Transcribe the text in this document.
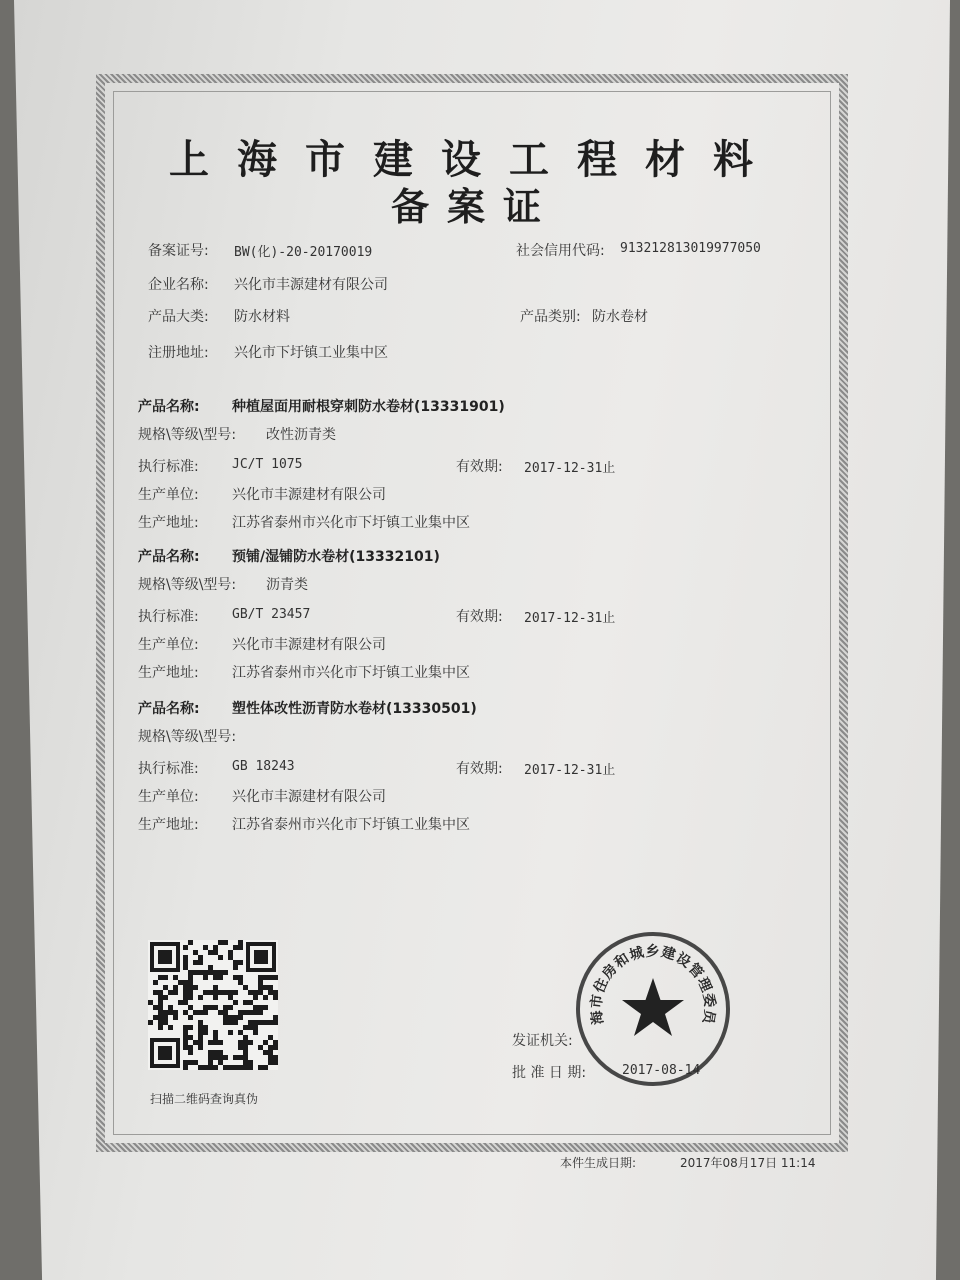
上海市建设工程材料
备案证
备案证号: BW(化)-20-20170019	社会信用代码: 913212813019977050
企业名称: 兴化市丰源建材有限公司
产品大类: 防水材料	产品类别: 防水卷材
注册地址: 兴化市下圩镇工业集中区
产品名称: 种植屋面用耐根穿刺防水卷材(13331901)
规格\等级\型号: 改性沥青类
执行标准:	JC/T 1075	有效期: 2017-12-31止
生产单位: 兴化市丰源建材有限公司
生产地址: 江苏省泰州市兴化市下圩镇工业集中区
产品名称: 预铺/湿铺防水卷材(13332101)
规格\等级\型号: 沥青类
执行标准:	GB/T 23457	有效期: 2017-12-31止
生产单位: 兴化市丰源建材有限公司
生产地址: 江苏省泰州市兴化市下圩镇工业集中区
产品名称: 塑性体改性沥青防水卷材(13330501)
规格\等级\型号:
执行标准:	GB 18243	有效期: 2017-12-31止
生产单位: 兴化市丰源建材有限公司
生产地址: 江苏省泰州市兴化市下圩镇工业集中区
扫描二维码查询真伪
发证机关:
批 准 日 期:	2017-08-14
海市住房和城乡建设管理委员
本件生成日期:	2017年08月17日 11:14
